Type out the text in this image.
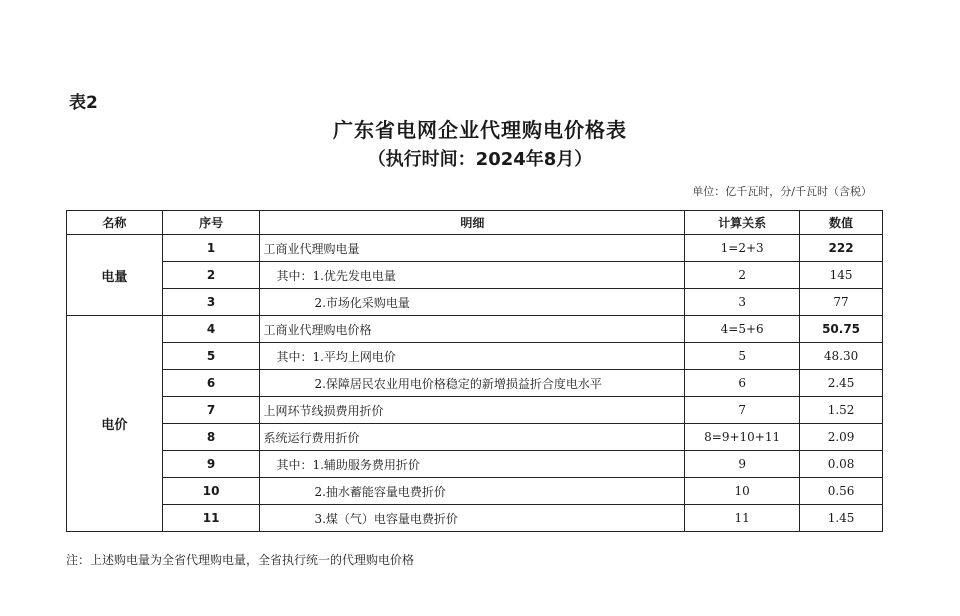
表2
广东省电网企业代理购电价格表
（执行时间：2024年8月）
单位：亿千瓦时，分/千瓦时（含税）
名称	序号	明细	计算关系	数值
电量	1	工商业代理购电量	1=2+3	222
	2	其中：1.优先发电电量	2	145
	3	2.市场化采购电量	3	77
电价	4	工商业代理购电价格	4=5+6	50.75
	5	其中：1.平均上网电价	5	48.30
	6	2.保障居民农业用电价格稳定的新增损益折合度电水平	6	2.45
	7	上网环节线损费用折价	7	1.52
	8	系统运行费用折价	8=9+10+11	2.09
	9	其中：1.辅助服务费用折价	9	0.08
	10	2.抽水蓄能容量电费折价	10	0.56
	11	3.煤（气）电容量电费折价	11	1.45
注：上述购电量为全省代理购电量，全省执行统一的代理购电价格
